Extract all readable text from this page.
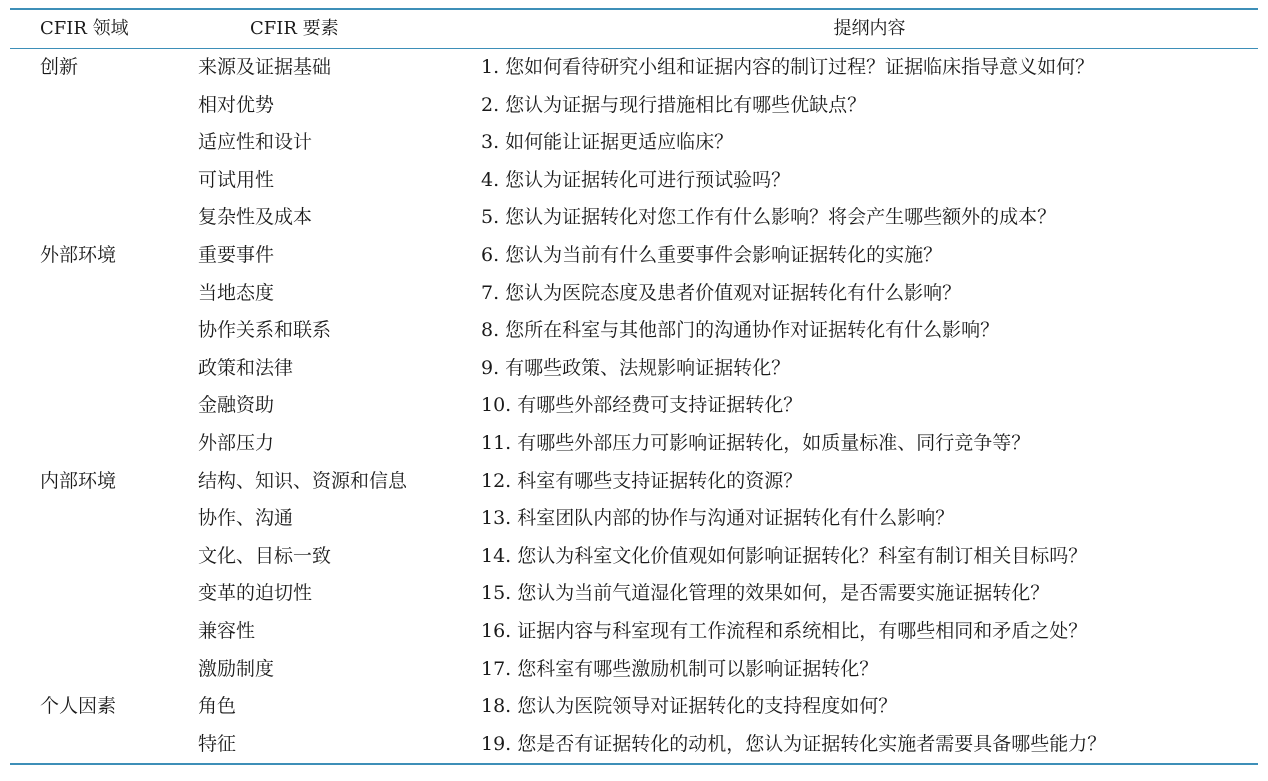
CFIR 领域	CFIR 要素	提纲内容
创新	来源及证据基础	1. 您如何看待研究小组和证据内容的制订过程？证据临床指导意义如何？
	相对优势	2. 您认为证据与现行措施相比有哪些优缺点？
	适应性和设计	3. 如何能让证据更适应临床？
	可试用性	4. 您认为证据转化可进行预试验吗？
	复杂性及成本	5. 您认为证据转化对您工作有什么影响？将会产生哪些额外的成本？
外部环境	重要事件	6. 您认为当前有什么重要事件会影响证据转化的实施？
	当地态度	7. 您认为医院态度及患者价值观对证据转化有什么影响？
	协作关系和联系	8. 您所在科室与其他部门的沟通协作对证据转化有什么影响？
	政策和法律	9. 有哪些政策、法规影响证据转化？
	金融资助	10. 有哪些外部经费可支持证据转化？
	外部压力	11. 有哪些外部压力可影响证据转化，如质量标准、同行竞争等？
内部环境	结构、知识、资源和信息	12. 科室有哪些支持证据转化的资源？
	协作、沟通	13. 科室团队内部的协作与沟通对证据转化有什么影响？
	文化、目标一致	14. 您认为科室文化价值观如何影响证据转化？科室有制订相关目标吗？
	变革的迫切性	15. 您认为当前气道湿化管理的效果如何，是否需要实施证据转化？
	兼容性	16. 证据内容与科室现有工作流程和系统相比，有哪些相同和矛盾之处？
	激励制度	17. 您科室有哪些激励机制可以影响证据转化？
个人因素	角色	18. 您认为医院领导对证据转化的支持程度如何？
	特征	19. 您是否有证据转化的动机，您认为证据转化实施者需要具备哪些能力？
